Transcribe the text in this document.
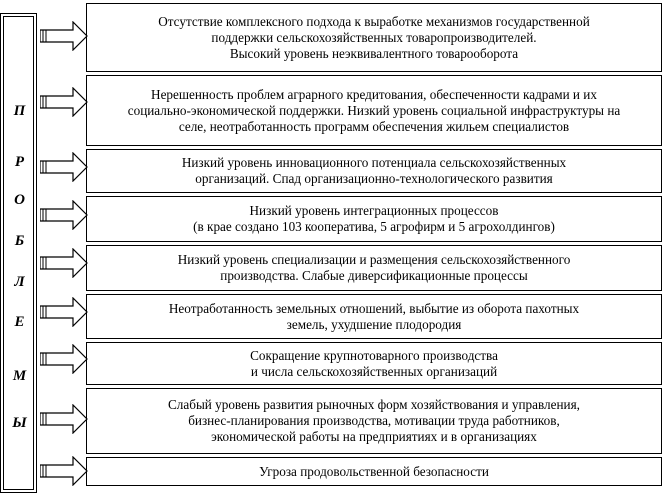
П
Р
О
Б
Л
Е
М
Ы
Отсутствие комплексного подхода к выработке механизмов государственной
поддержки сельскохозяйственных товаропроизводителей.
Высокий уровень неэквивалентного товарооборота
Нерешенность проблем аграрного кредитования, обеспеченности кадрами и их
социально-экономической поддержки. Низкий уровень социальной инфраструктуры на
селе, неотработанность программ обеспечения жильем специалистов
Низкий уровень инновационного потенциала сельскохозяйственных
организаций. Спад организационно-технологического развития
Низкий уровень интеграционных процессов
(в крае создано 103 кооператива, 5 агрофирм и 5 агрохолдингов)
Низкий уровень специализации и размещения сельскохозяйственного
производства. Слабые диверсификационные процессы
Неотработанность земельных отношений, выбытие из оборота пахотных
земель, ухудшение плодородия
Сокращение крупнотоварного производства
и числа сельскохозяйственных организаций
Слабый уровень развития рыночных форм хозяйствования и управления,
бизнес-планирования производства, мотивации труда работников,
экономической работы на предприятиях и в организациях
Угроза продовольственной безопасности
